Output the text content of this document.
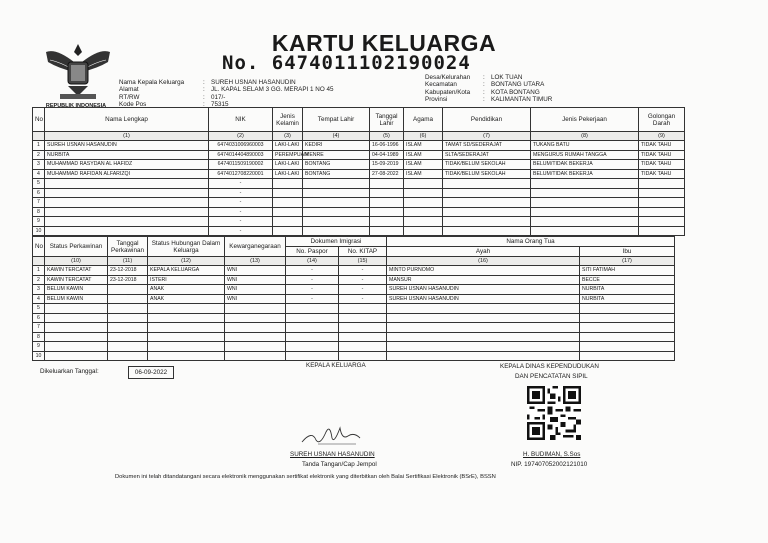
REPUBLIK INDONESIA
KARTU KELUARGA
No. 6474011102190024
Nama Kepala Keluarga	: SUREH USNAN HASANUDIN
Alamat	: JL. KAPAL SELAM 3 GG. MERAPI 1 NO 45
RT/RW	: 017/-
Kode Pos	: 75315
Desa/Kelurahan	: LOK TUAN
Kecamatan	: BONTANG UTARA
Kabupaten/Kota	: KOTA BONTANG
Provinsi	: KALIMANTAN TIMUR
No	Nama Lengkap	NIK	Jenis Kelamin	Tempat Lahir	Tanggal Lahir	Agama	Pendidikan	Jenis Pekerjaan	Golongan Darah
	(1)	(2)	(3)	(4)	(5)	(6)	(7)	(8)	(9)
1	SUREH USNAN HASANUDIN	6474031006960003	LAKI-LAKI	KEDIRI	16-06-1996	ISLAM	TAMAT SD/SEDERAJAT	TUKANG BATU	TIDAK TAHU
2	NURBITA	6474014404890003	PEREMPUAN	MENRE	04-04-1989	ISLAM	SLTA/SEDERAJAT	MENGURUS RUMAH TANGGA	TIDAK TAHU
3	MUHAMMAD RASYDAN AL HAFIDZ	6474011509190002	LAKI-LAKI	BONTANG	15-09-2019	ISLAM	TIDAK/BELUM SEKOLAH	BELUM/TIDAK BEKERJA	TIDAK TAHU
4	MUHAMMAD RAFIDAN ALFARIZQI	6474012708220001	LAKI-LAKI	BONTANG	27-08-2022	ISLAM	TIDAK/BELUM SEKOLAH	BELUM/TIDAK BEKERJA	TIDAK TAHU
5		-							
6		-							
7		-							
8		-							
9		-							
10		-							
No	Status Perkawinan	Tanggal Perkawinan	Status Hubungan Dalam Keluarga	Kewarganegaraan	Dokumen Imigrasi		Nama Orang Tua	
					No. Paspor	No. KITAP	Ayah	Ibu
	(10)	(11)	(12)	(13)	(14)	(15)	(16)	(17)
1	KAWIN TERCATAT	23-12-2018	KEPALA KELUARGA	WNI	-	-	MINTO PURNOMO	SITI FATIMAH
2	KAWIN TERCATAT	23-12-2018	ISTERI	WNI	-	-	MANSUR	BECCE
3	BELUM KAWIN		ANAK	WNI	-	-	SUREH USNAN HASANUDIN	NURBITA
4	BELUM KAWIN		ANAK	WNI	-	-	SUREH USNAN HASANUDIN	NURBITA
5								
6								
7								
8								
9								
10								
Dikeluarkan Tanggal:	06-09-2022
KEPALA KELUARGA
SUREH USNAN HASANUDIN
Tanda Tangan/Cap Jempol
KEPALA DINAS KEPENDUDUKAN
DAN PENCATATAN SIPIL
H. BUDIMAN, S.Sos
NIP. 197407052002121010
Dokumen ini telah ditandatangani secara elektronik menggunakan sertifikat elektronik yang diterbitkan oleh Balai Sertifikasi Elektronik (BSrE), BSSN
